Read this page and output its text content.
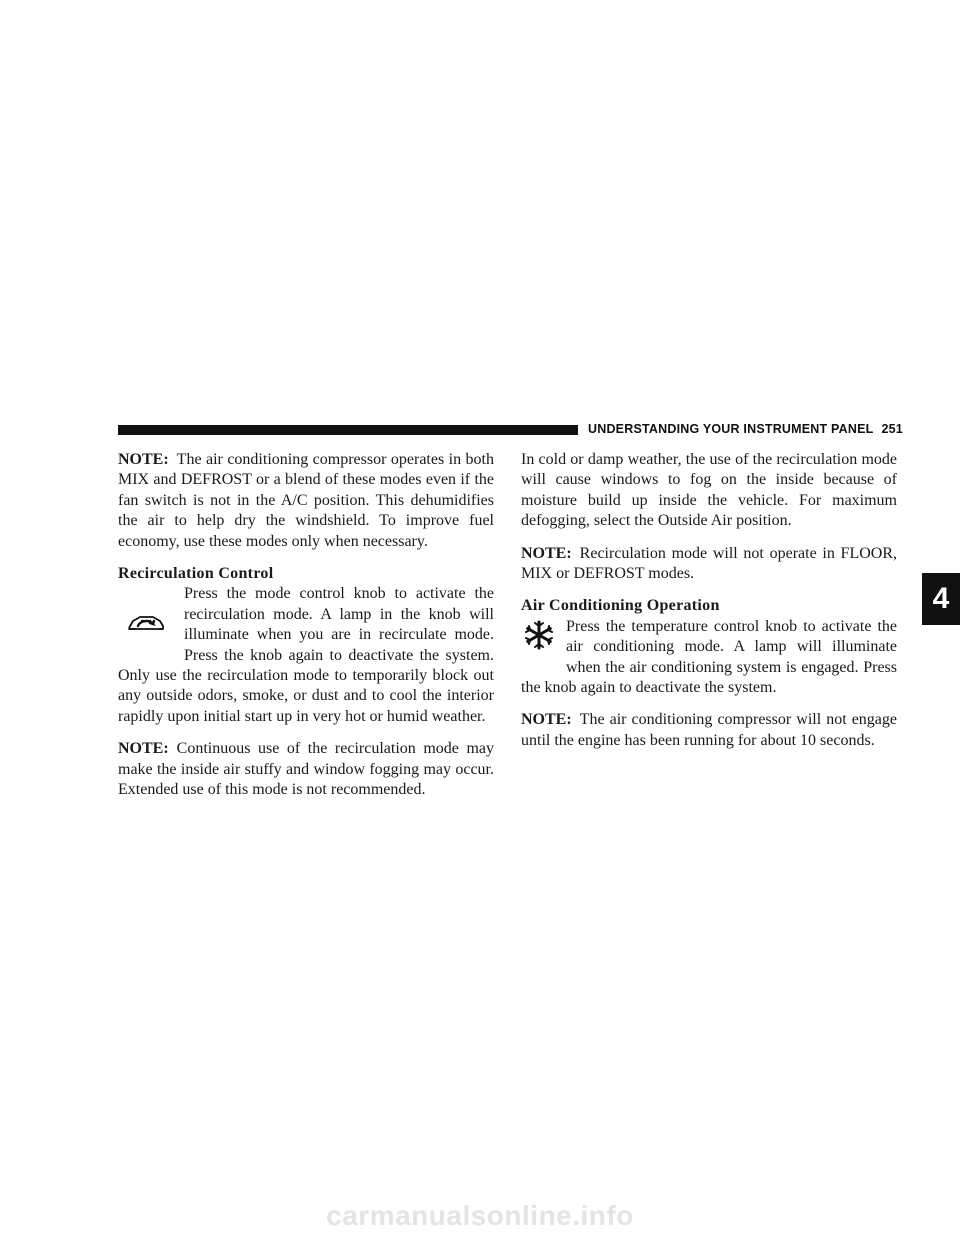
UNDERSTANDING YOUR INSTRUMENT PANEL 251
4

NOTE: The air conditioning compressor operates in both MIX and DEFROST or a blend of these modes even if the fan switch is not in the A/C position. This dehumidifies the air to help dry the windshield. To improve fuel economy, use these modes only when necessary.

Recirculation Control
Press the mode control knob to activate the recirculation mode. A lamp in the knob will illuminate when you are in recirculate mode. Press the knob again to deactivate the system. Only use the recirculation mode to temporarily block out any outside odors, smoke, or dust and to cool the interior rapidly upon initial start up in very hot or humid weather.

NOTE: Continuous use of the recirculation mode may make the inside air stuffy and window fogging may occur. Extended use of this mode is not recommended.

In cold or damp weather, the use of the recirculation mode will cause windows to fog on the inside because of moisture build up inside the vehicle. For maximum defogging, select the Outside Air position.

NOTE: Recirculation mode will not operate in FLOOR, MIX or DEFROST modes.

Air Conditioning Operation
Press the temperature control knob to activate the air conditioning mode. A lamp will illuminate when the air conditioning system is engaged. Press the knob again to deactivate the system.

NOTE: The air conditioning compressor will not engage until the engine has been running for about 10 seconds.

carmanualsonline.info
